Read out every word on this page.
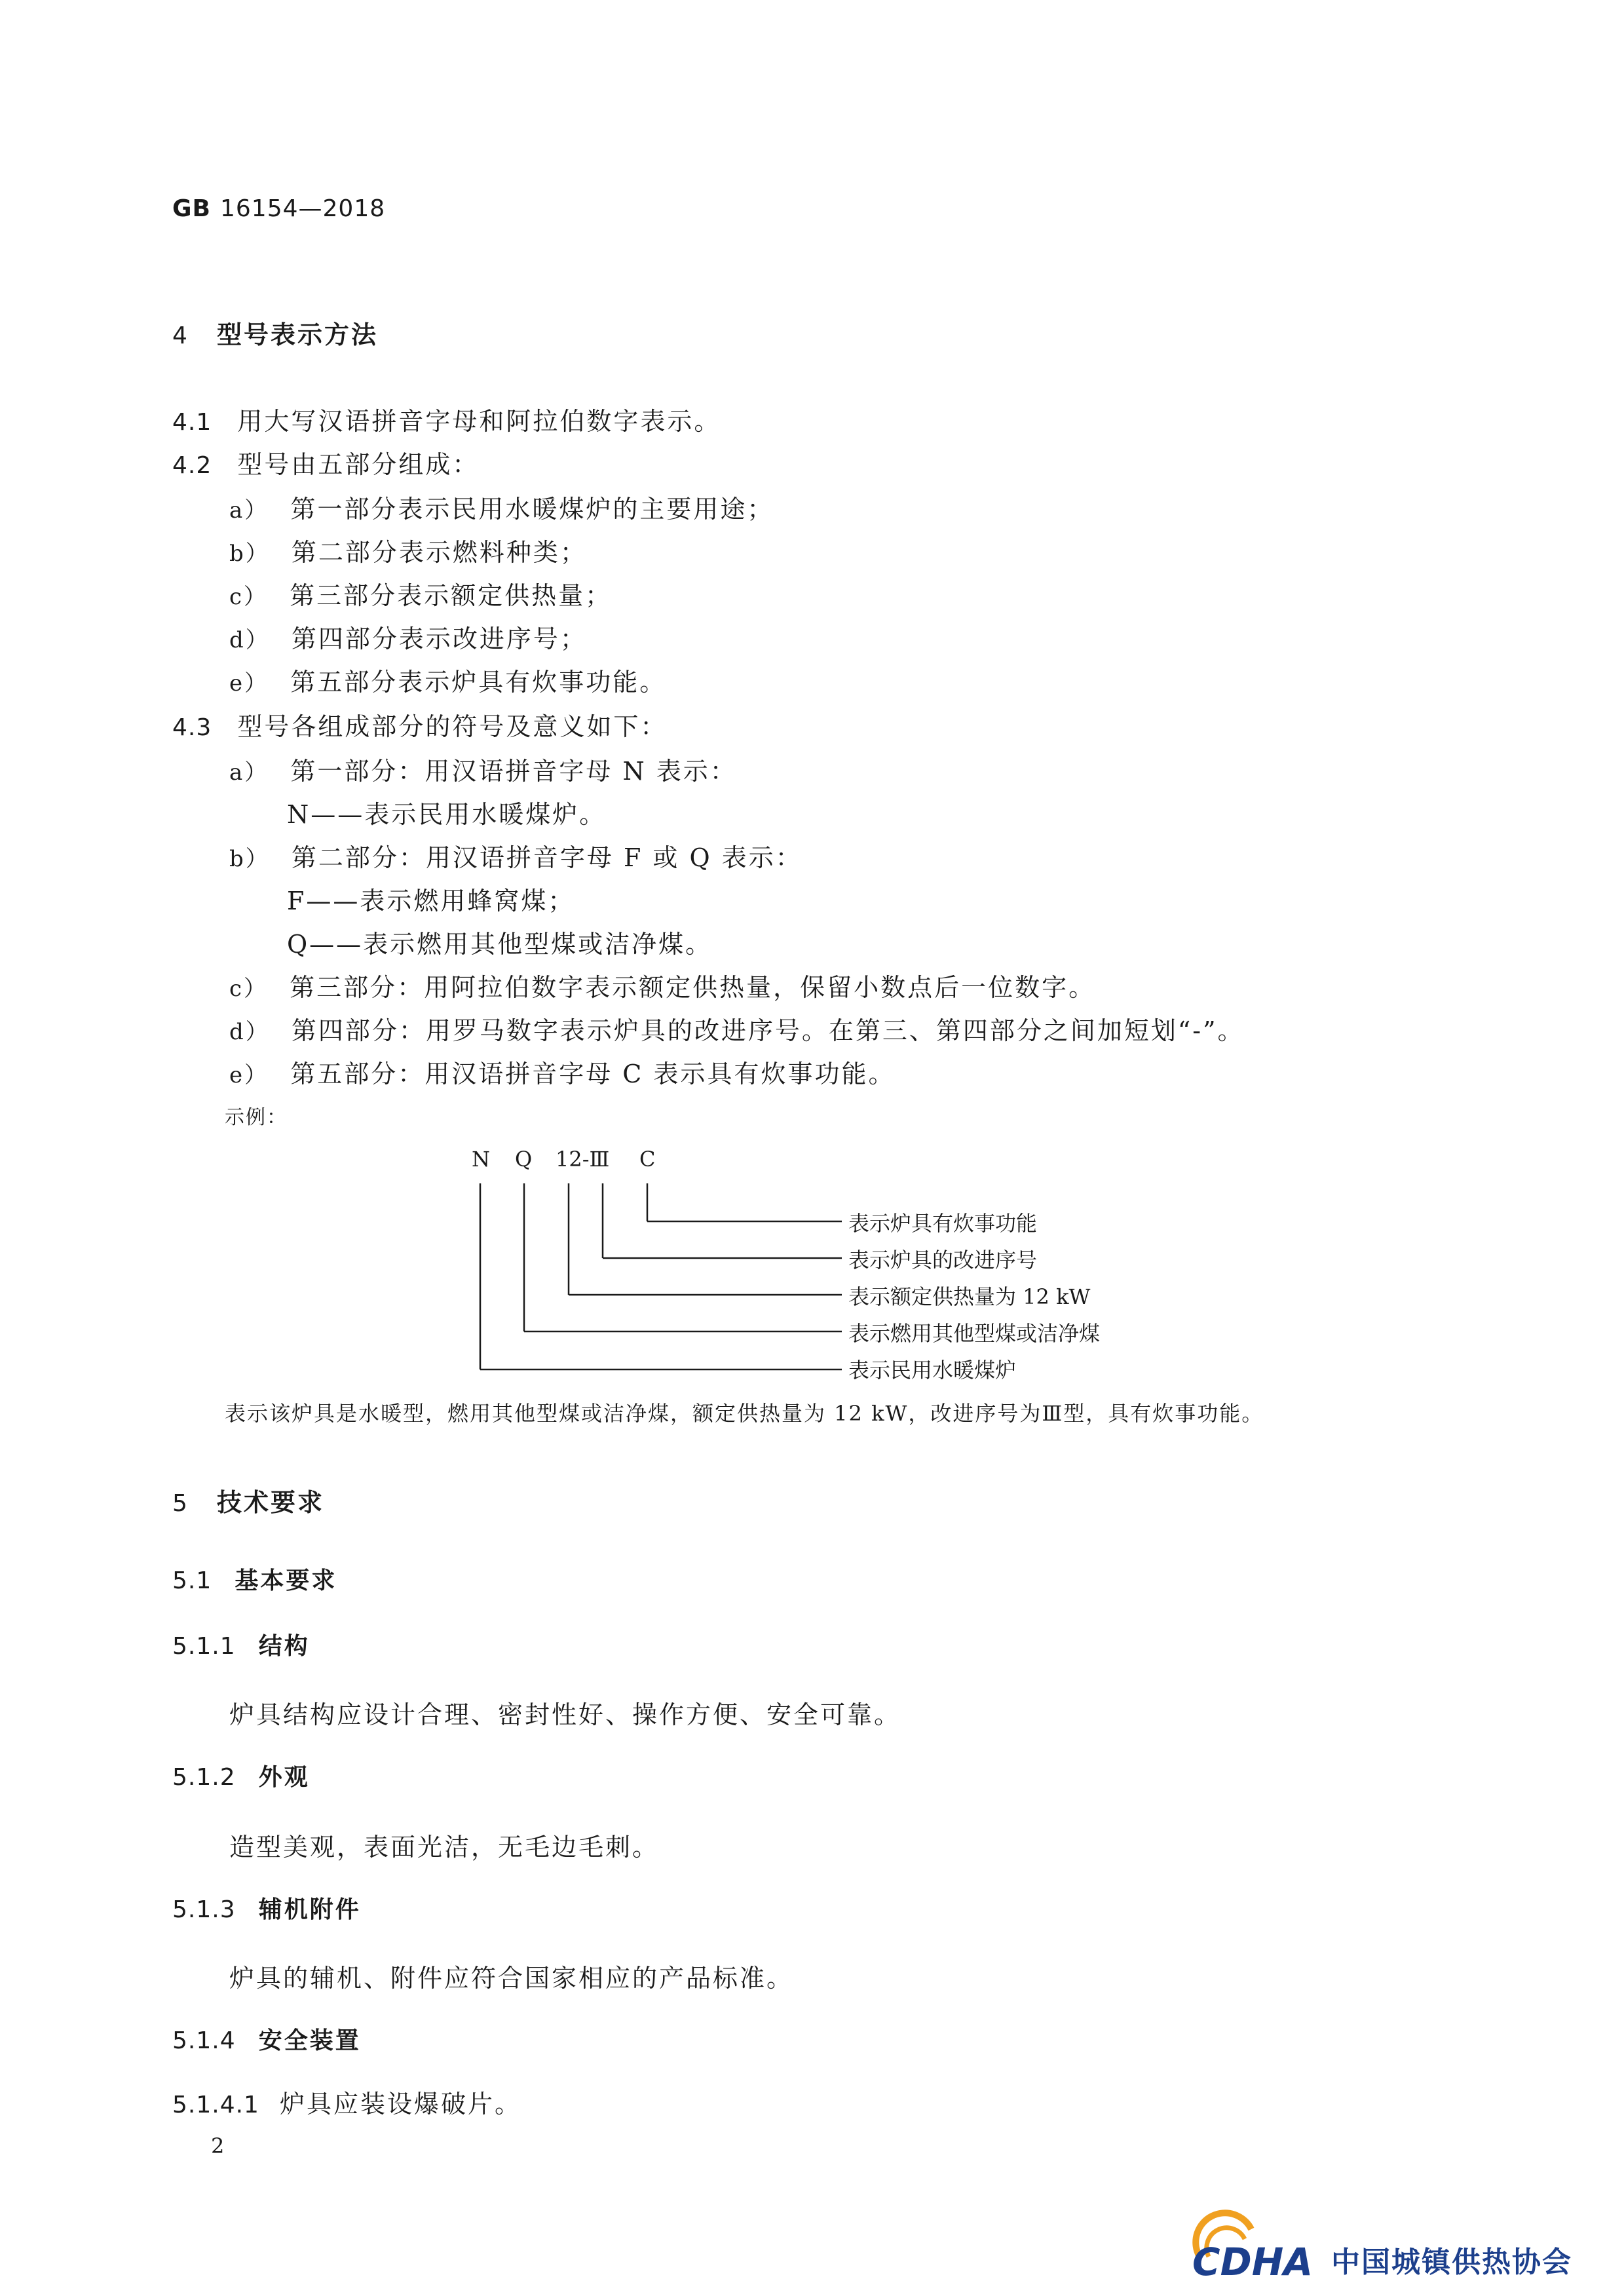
GB 16154—2018
4 型号表示方法
4.1 用大写汉语拼音字母和阿拉伯数字表示。
4.2 型号由五部分组成：
a） 第一部分表示民用水暖煤炉的主要用途；
b） 第二部分表示燃料种类；
c） 第三部分表示额定供热量；
d） 第四部分表示改进序号；
e） 第五部分表示炉具有炊事功能。
4.3 型号各组成部分的符号及意义如下：
a） 第一部分：用汉语拼音字母 N 表示：
N——表示民用水暖煤炉。
b） 第二部分：用汉语拼音字母 F 或 Q 表示：
F——表示燃用蜂窝煤；
Q——表示燃用其他型煤或洁净煤。
c） 第三部分：用阿拉伯数字表示额定供热量，保留小数点后一位数字。
d） 第四部分：用罗马数字表示炉具的改进序号。在第三、第四部分之间加短划“-”。
e） 第五部分：用汉语拼音字母 C 表示具有炊事功能。
示例：
N Q 12-Ⅲ C
表示炉具有炊事功能
表示炉具的改进序号
表示额定供热量为 12 kW
表示燃用其他型煤或洁净煤
表示民用水暖煤炉
表示该炉具是水暖型，燃用其他型煤或洁净煤，额定供热量为 12 kW，改进序号为Ⅲ型，具有炊事功能。
5 技术要求
5.1 基本要求
5.1.1 结构
炉具结构应设计合理、密封性好、操作方便、安全可靠。
5.1.2 外观
造型美观，表面光洁，无毛边毛刺。
5.1.3 辅机附件
炉具的辅机、附件应符合国家相应的产品标准。
5.1.4 安全装置
5.1.4.1 炉具应装设爆破片。
2
CDHA 中国城镇供热协会
